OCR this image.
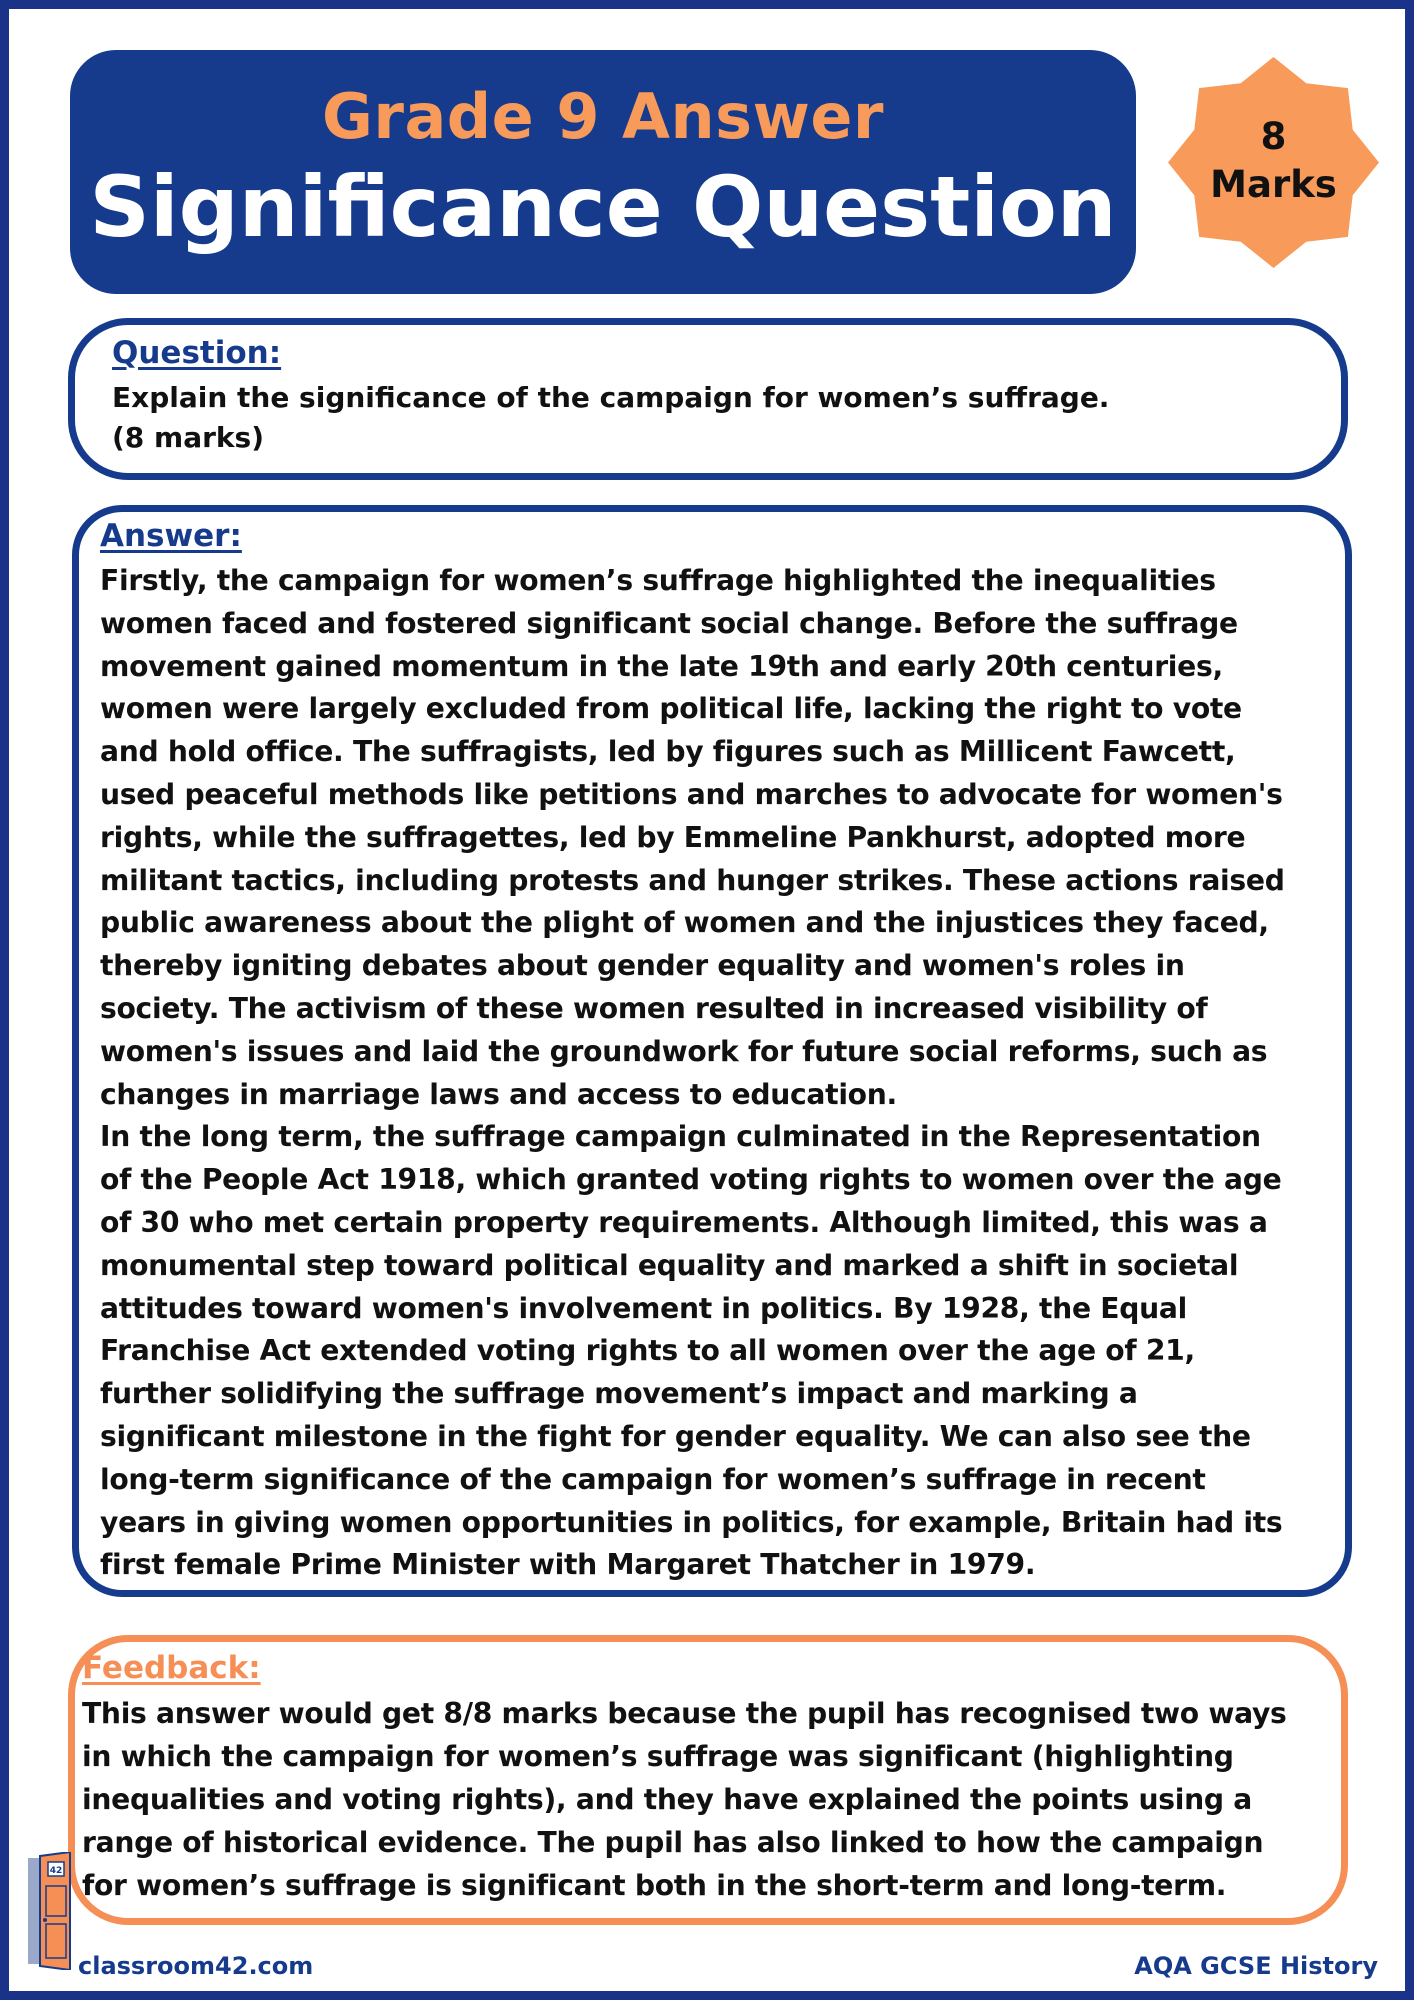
Grade 9 Answer
Significance Question
8
Marks
Question:
Explain the significance of the campaign for women’s suffrage.
(8 marks)
Answer:
Firstly, the campaign for women’s suffrage highlighted the inequalities
women faced and fostered significant social change. Before the suffrage
movement gained momentum in the late 19th and early 20th centuries,
women were largely excluded from political life, lacking the right to vote
and hold office. The suffragists, led by figures such as Millicent Fawcett,
used peaceful methods like petitions and marches to advocate for women's
rights, while the suffragettes, led by Emmeline Pankhurst, adopted more
militant tactics, including protests and hunger strikes. These actions raised
public awareness about the plight of women and the injustices they faced,
thereby igniting debates about gender equality and women's roles in
society. The activism of these women resulted in increased visibility of
women's issues and laid the groundwork for future social reforms, such as
changes in marriage laws and access to education.
In the long term, the suffrage campaign culminated in the Representation
of the People Act 1918, which granted voting rights to women over the age
of 30 who met certain property requirements. Although limited, this was a
monumental step toward political equality and marked a shift in societal
attitudes toward women's involvement in politics. By 1928, the Equal
Franchise Act extended voting rights to all women over the age of 21,
further solidifying the suffrage movement’s impact and marking a
significant milestone in the fight for gender equality. We can also see the
long-term significance of the campaign for women’s suffrage in recent
years in giving women opportunities in politics, for example, Britain had its
first female Prime Minister with Margaret Thatcher in 1979.
Feedback:
This answer would get 8/8 marks because the pupil has recognised two ways
in which the campaign for women’s suffrage was significant (highlighting
inequalities and voting rights), and they have explained the points using a
range of historical evidence. The pupil has also linked to how the campaign
for women’s suffrage is significant both in the short-term and long-term.
42
classroom42.com	AQA GCSE History
